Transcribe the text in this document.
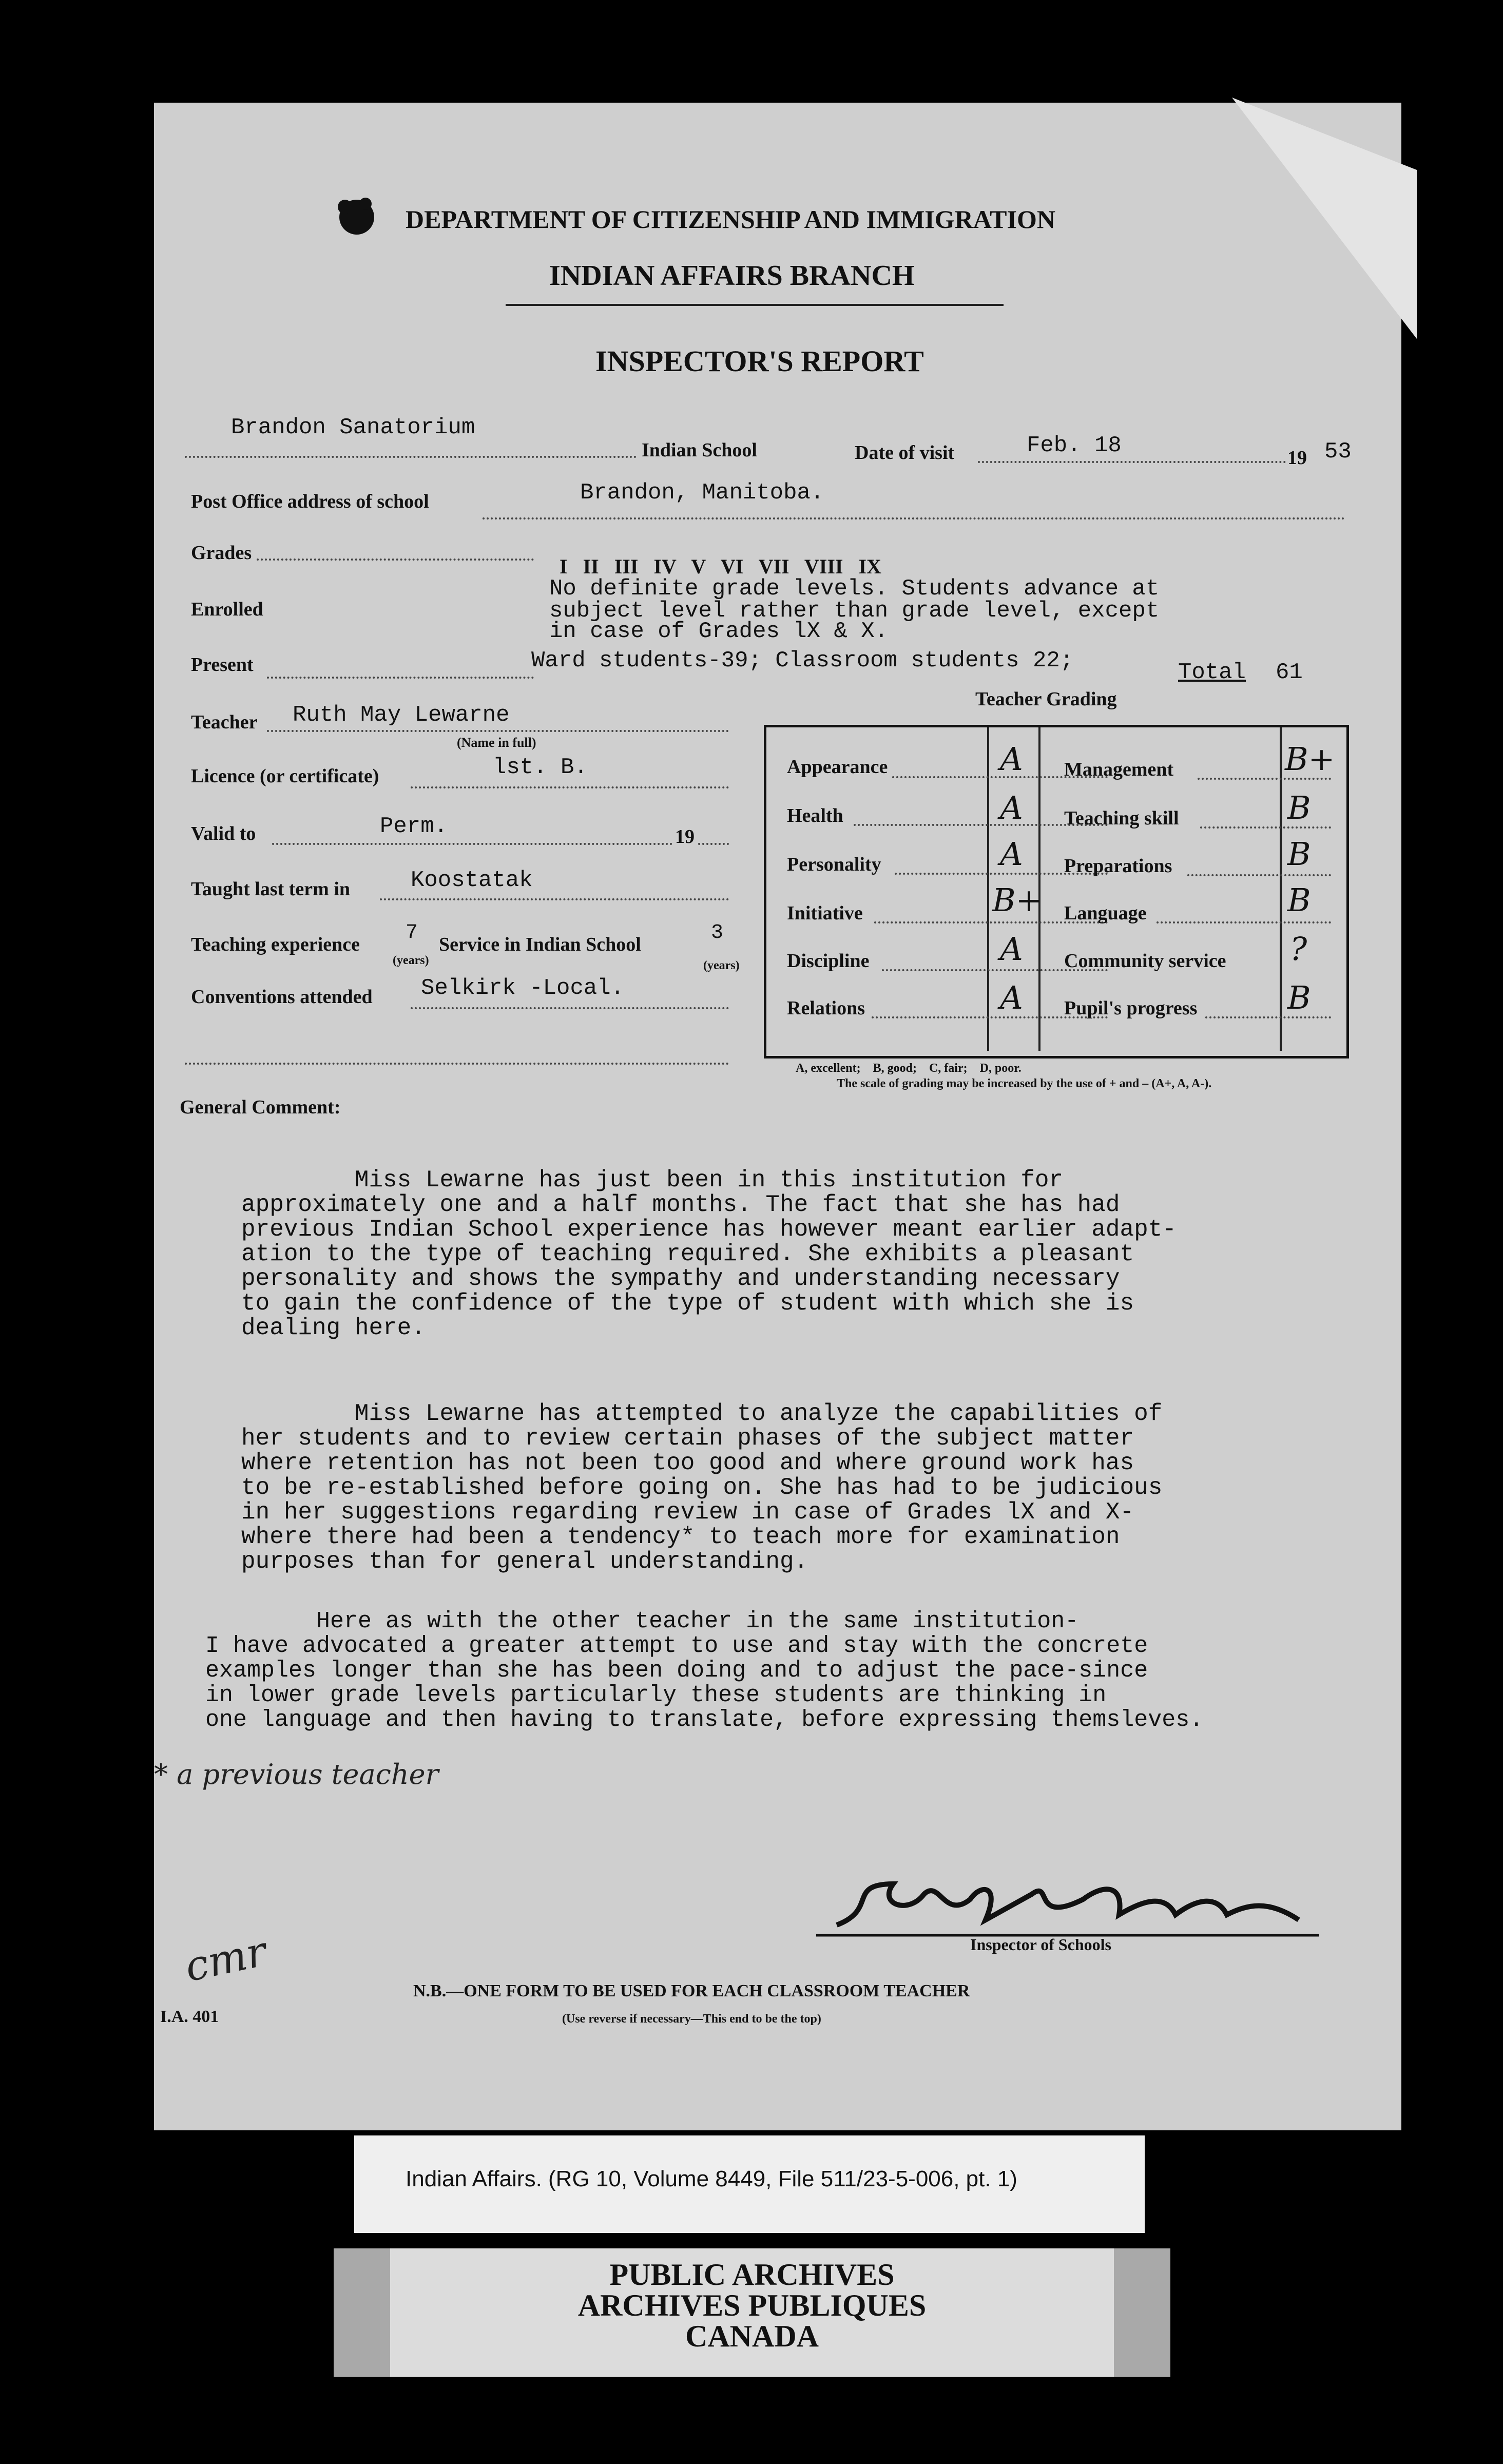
DEPARTMENT OF CITIZENSHIP AND IMMIGRATION
INDIAN AFFAIRS BRANCH
INSPECTOR'S REPORT
Brandon Sanatorium
Indian School	Date of visit	Feb. 18	19 53
Post Office address of school	Brandon, Manitoba.
Grades
I   II   III   IV   V   VI   VII   VIII   IX
No definite grade levels. Students advance at
Enrolled	subject level rather than grade level, except
in case of Grades lX & X.
Present	Ward students-39; Classroom students 22;	Total 61
Teacher Grading
Teacher Ruth May Lewarne
(Name in full)
Licence (or certificate)	lst. B.
Valid to	Perm.	19
Taught last term in	Koostatak
Teaching experience 7
(years)
Service in Indian School	3
(years)
Conventions attended Selkirk -Local.
Appearance	A Management	B+
Health	A Teaching skill	B
Personality	A Preparations	B
Initiative	B+ Language	B
Discipline	A Community service ?
Relations	A Pupil's progress	B
A, excellent;    B, good;    C, fair;    D, poor.
The scale of grading may be increased by the use of + and – (A+, A, A-).
General Comment:
Miss Lewarne has just been in this institution for
approximately one and a half months. The fact that she has had
previous Indian School experience has however meant earlier adapt-
ation to the type of teaching required. She exhibits a pleasant
personality and shows the sympathy and understanding necessary
to gain the confidence of the type of student with which she is
dealing here.
Miss Lewarne has attempted to analyze the capabilities of
her students and to review certain phases of the subject matter
where retention has not been too good and where ground work has
to be re-established before going on. She has had to be judicious
in her suggestions regarding review in case of Grades lX and X-
where there had been a tendency* to teach more for examination
purposes than for general understanding.
Here as with the other teacher in the same institution-
I have advocated a greater attempt to use and stay with the concrete
examples longer than she has been doing and to adjust the pace-since
in lower grade levels particularly these students are thinking in
one language and then having to translate, before expressing themsleves.
* a previous teacher
Inspector of Schools
cmr	N.B.—ONE FORM TO BE USED FOR EACH CLASSROOM TEACHER
(Use reverse if necessary—This end to be the top)
I.A. 401
Indian Affairs. (RG 10, Volume 8449, File 511/23-5-006, pt. 1)
PUBLIC ARCHIVES
ARCHIVES PUBLIQUES
CANADA
